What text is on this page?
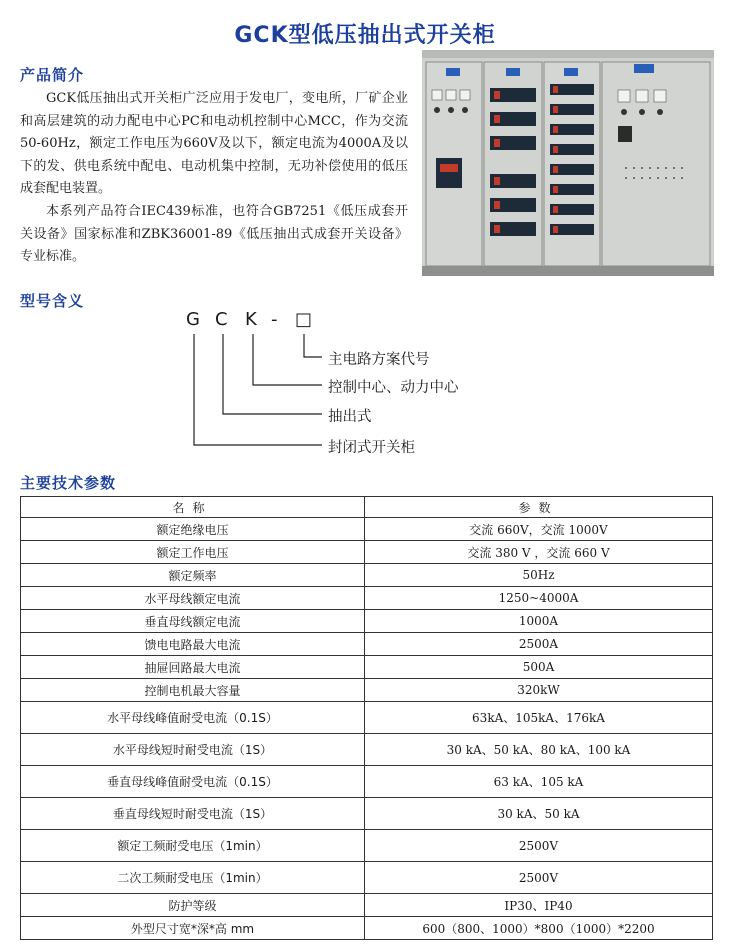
GCK型低压抽出式开关柜
产品简介

GCK低压抽出式开关柜广泛应用于发电厂，变电所，厂矿企业和高层建筑的动力配电中心PC和电动机控制中心MCC，作为交流50-60Hz，额定工作电压为660V及以下，额定电流为4000A及以下的发、供电系统中配电、电动机集中控制，无功补偿使用的低压成套配电装置。

本系列产品符合IEC439标准，也符合GB7251《低压成套开关设备》国家标准和ZBK36001-89《低压抽出式成套开关设备》专业标准。

型号含义
G C K - □
主电路方案代号
控制中心、动力中心
抽出式
封闭式开关柜
主要技术参数
名称	参数
额定绝缘电压	交流 660V，交流 1000V
额定工作电压	交流 380 V ，交流 660 V
额定频率	50Hz
水平母线额定电流	1250~4000A
垂直母线额定电流	1000A
馈电电路最大电流	2500A
抽屉回路最大电流	500A
控制电机最大容量	320kW
水平母线峰值耐受电流（0.1S）	63kA、105kA、176kA
水平母线短时耐受电流（1S）	30 kA、50 kA、80 kA、100 kA
垂直母线峰值耐受电流（0.1S）	63 kA、105 kA
垂直母线短时耐受电流（1S）	30 kA、50 kA
额定工频耐受电压（1min）	2500V
二次工频耐受电压（1min）	2500V
防护等级	IP30、IP40
外型尺寸宽*深*高 mm	600（800、1000）*800（1000）*2200
